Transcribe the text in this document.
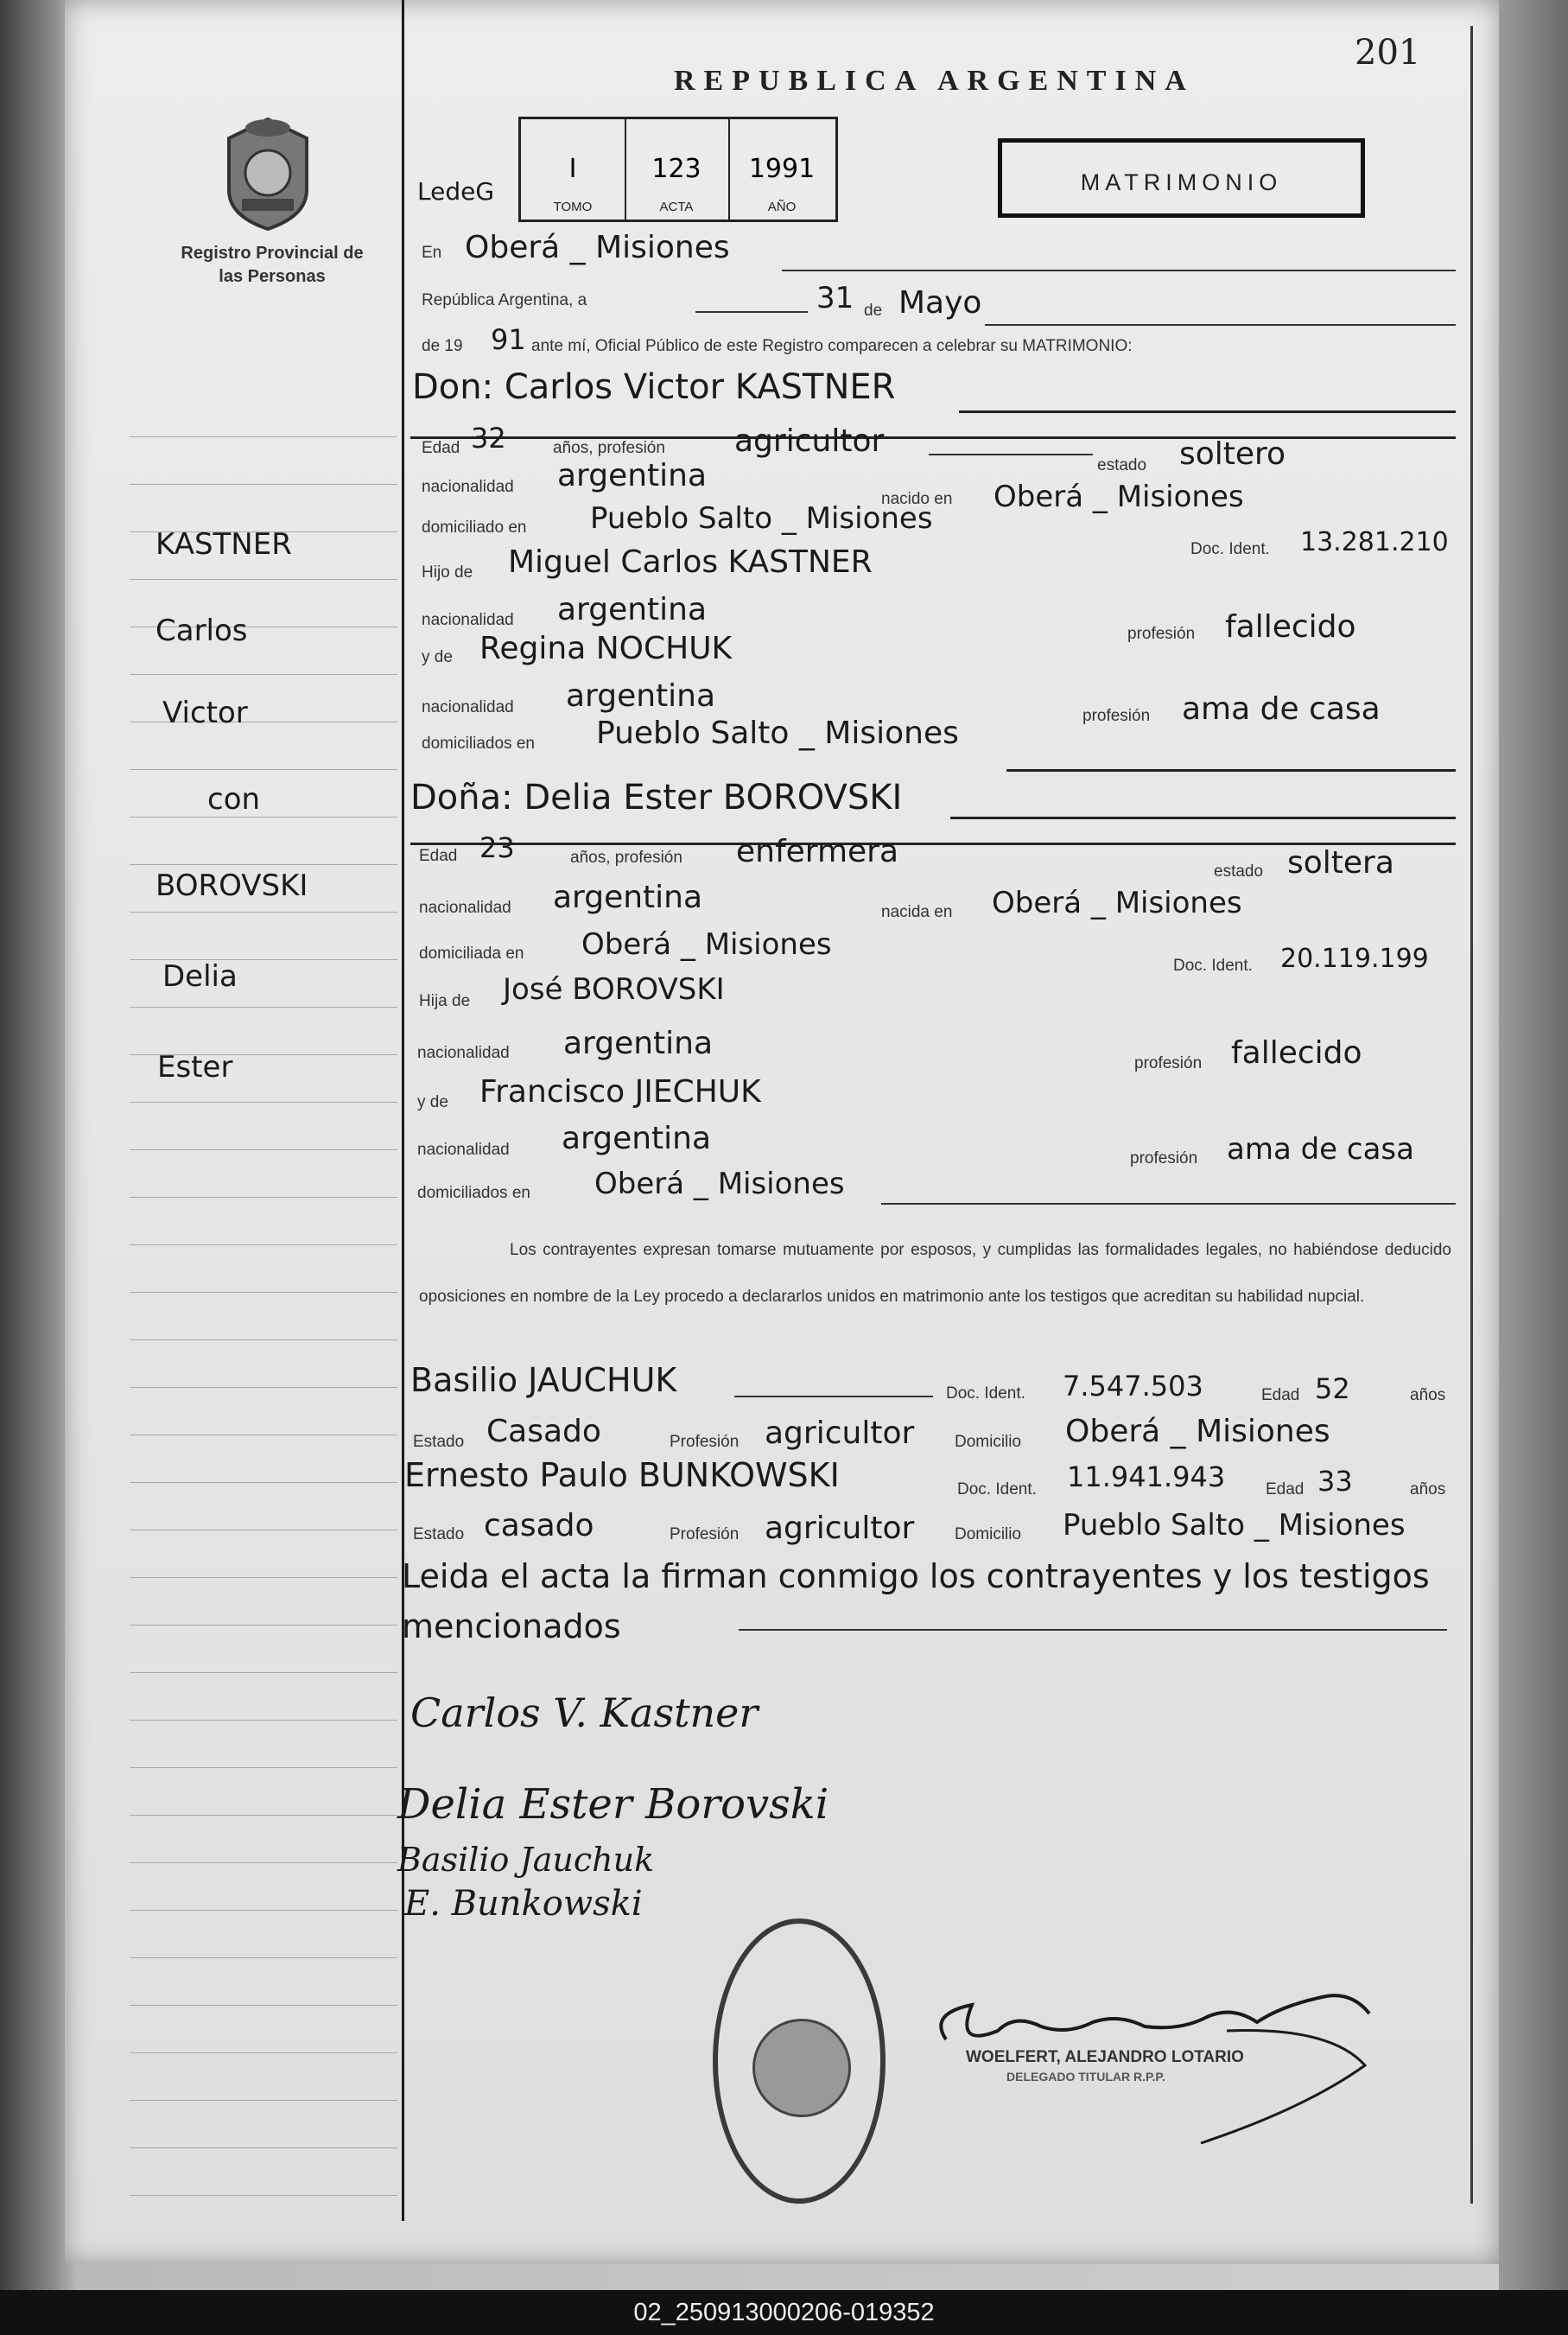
201
REPUBLICA ARGENTINA
MATRIMONIO
Registro Provincial de las Personas
LedeG
I
TOMO
123
ACTA
1991
AÑO
En Oberá _ Misiones
República Argentina, a	31 de Mayo
de 19 91 ante mí, Oficial Público de este Registro comparecen a celebrar su MATRIMONIO:
Don: Carlos Victor KASTNER
Edad 32	años, profesión agricultor
estado soltero
nacionalidad argentina
nacido en Oberá _ Misiones
domiciliado en Pueblo Salto _ Misiones
Doc. Ident. 13.281.210
Hijo de Miguel Carlos KASTNER
nacionalidad argentina
profesión fallecido
y de Regina NOCHUK
nacionalidad argentina
profesión ama de casa
domiciliados en Pueblo Salto _ Misiones
Doña: Delia Ester BOROVSKI
Edad 23	años, profesión enfermera
estado soltera
nacionalidad argentina	nacida en Oberá _ Misiones
domiciliada en Oberá _ Misiones
Doc. Ident. 20.119.199
Hija de José BOROVSKI
nacionalidad argentina
profesión fallecido
y de Francisco JIECHUK
nacionalidad argentina
profesión ama de casa
domiciliados en Oberá _ Misiones
Los contrayentes expresan tomarse mutuamente por esposos, y cumplidas las formalidades legales, no habiéndose deducido oposiciones en nombre de la Ley procedo a declararlos unidos en matrimonio ante los testigos que acreditan su habilidad nupcial.
Basilio JAUCHUK	Doc. Ident. 7.547.503	Edad 52	años
Estado Casado	Profesión agricultor Domicilio Oberá _ Misiones
Ernesto Paulo BUNKOWSKI	Doc. Ident. 11.941.943 Edad 33	años
Estado casado	Profesión agricultor Domicilio Pueblo Salto _ Misiones
Leida el acta la firman conmigo los contrayentes y los testigos mencionados
KASTNER
Carlos
Victor
con
BOROVSKI
Delia
Ester
Carlos V. Kastner
Delia Ester Borovski
Basilio Jauchuk
E. Bunkowski
WOELFERT, ALEJANDRO LOTARIO
DELEGADO TITULAR R.P.P.
02_250913000206-019352
